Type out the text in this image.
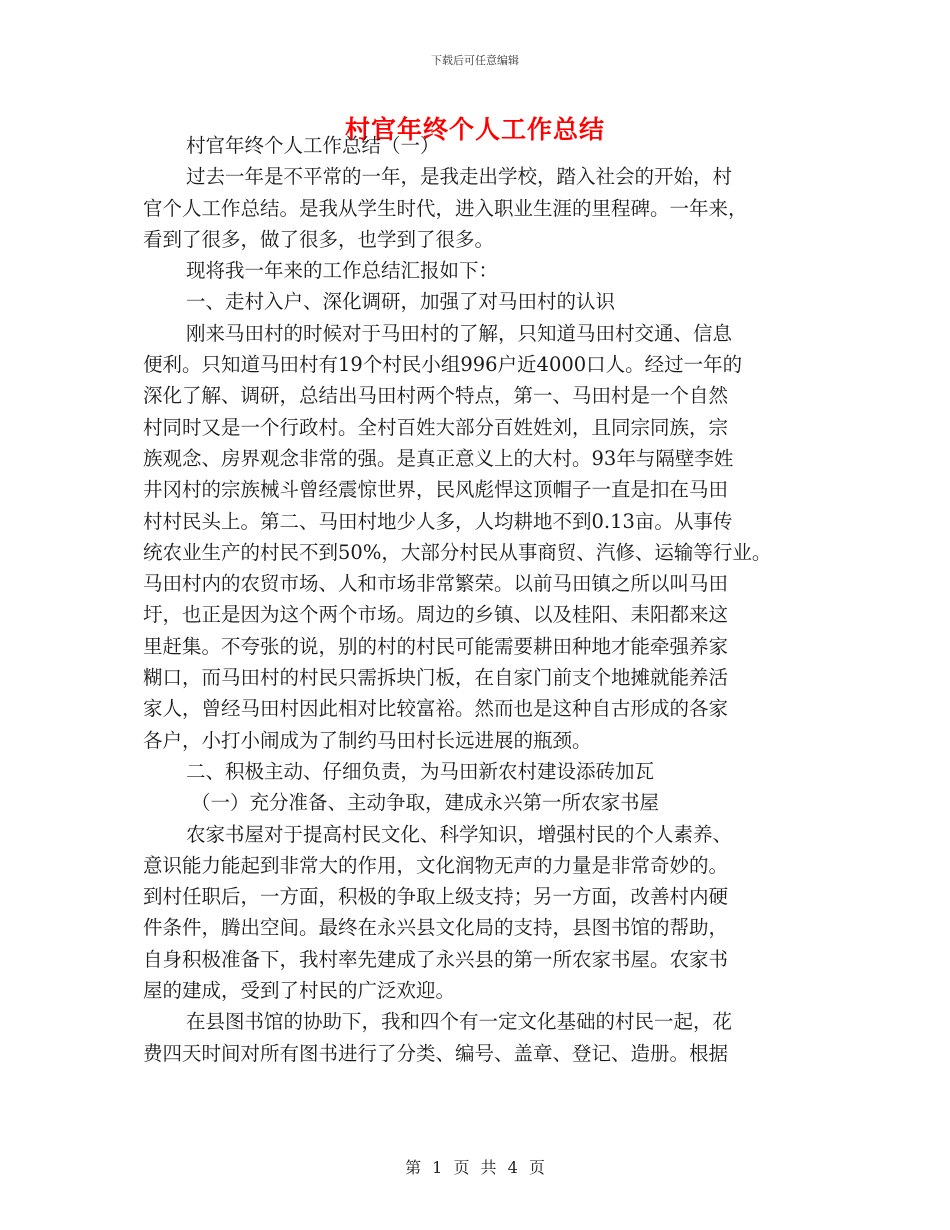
下载后可任意编辑
村官年终个人工作总结
村官年终个人工作总结（一）
过去一年是不平常的一年，是我走出学校，踏入社会的开始，村
官个人工作总结。是我从学生时代，进入职业生涯的里程碑。一年来，
看到了很多，做了很多，也学到了很多。
现将我一年来的工作总结汇报如下：
一、走村入户、深化调研，加强了对马田村的认识
刚来马田村的时候对于马田村的了解，只知道马田村交通、信息
便利。只知道马田村有19个村民小组996户近4000口人。经过一年的
深化了解、调研，总结出马田村两个特点，第一、马田村是一个自然
村同时又是一个行政村。全村百姓大部分百姓姓刘，且同宗同族，宗
族观念、房界观念非常的强。是真正意义上的大村。93年与隔壁李姓
井冈村的宗族械斗曾经震惊世界，民风彪悍这顶帽子一直是扣在马田
村村民头上。第二、马田村地少人多，人均耕地不到0.13亩。从事传
统农业生产的村民不到50%，大部分村民从事商贸、汽修、运输等行业。
马田村内的农贸市场、人和市场非常繁荣。以前马田镇之所以叫马田
圩，也正是因为这个两个市场。周边的乡镇、以及桂阳、耒阳都来这
里赶集。不夸张的说，别的村的村民可能需要耕田种地才能牵强养家
糊口，而马田村的村民只需拆块门板，在自家门前支个地摊就能养活
家人，曾经马田村因此相对比较富裕。然而也是这种自古形成的各家
各户，小打小闹成为了制约马田村长远进展的瓶颈。
二、积极主动、仔细负责，为马田新农村建设添砖加瓦
（一）充分准备、主动争取，建成永兴第一所农家书屋
农家书屋对于提高村民文化、科学知识，增强村民的个人素养、
意识能力能起到非常大的作用，文化润物无声的力量是非常奇妙的。
到村任职后，一方面，积极的争取上级支持；另一方面，改善村内硬
件条件，腾出空间。最终在永兴县文化局的支持，县图书馆的帮助，
自身积极准备下，我村率先建成了永兴县的第一所农家书屋。农家书
屋的建成，受到了村民的广泛欢迎。
在县图书馆的协助下，我和四个有一定文化基础的村民一起，花
费四天时间对所有图书进行了分类、编号、盖章、登记、造册。根据
第 1 页 共 4 页
